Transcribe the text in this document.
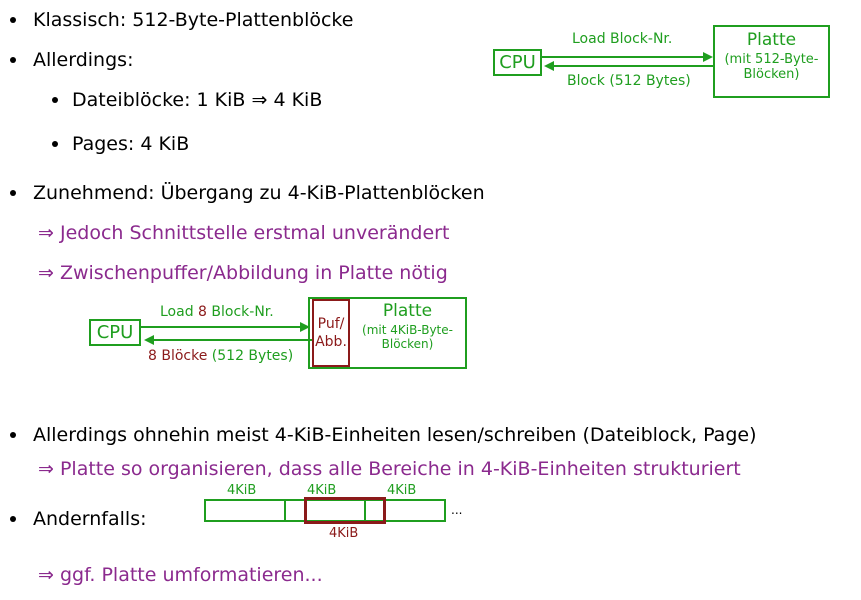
Klassisch: 512-Byte-Plattenblöcke
Allerdings:
Dateiblöcke: 1 KiB ⇒ 4 KiB
Pages: 4 KiB
CPU
Load Block-Nr.
Block (512 Bytes)
Platte
(mit 512-Byte-
Blöcken)
Zunehmend: Übergang zu 4-KiB-Plattenblöcken
⇒ Jedoch Schnittstelle erstmal unverändert
⇒ Zwischenpuffer/Abbildung in Platte nötig
CPU
Load 8 Block-Nr.
8 Blöcke (512 Bytes)
Puf/
Abb.
Platte
(mit 4KiB-Byte-
Blöcken)
Allerdings ohnehin meist 4-KiB-Einheiten lesen/schreiben (Dateiblock, Page)
⇒ Platte so organisieren, dass alle Bereiche in 4-KiB-Einheiten strukturiert
Andernfalls:
4KiB	4KiB	4KiB
...
4KiB
⇒ ggf. Platte umformatieren...
